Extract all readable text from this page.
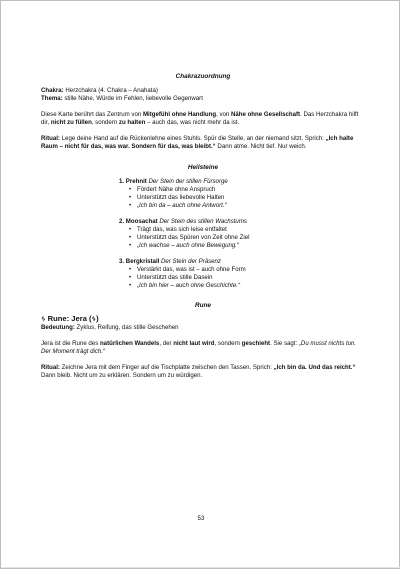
Chakrazuordnung
Chakra: Herzchakra (4. Chakra – Anahata)
Thema: stille Nähe, Würde im Fehlen, liebevolle Gegenwart
Diese Karte berührt das Zentrum von Mitgefühl ohne Handlung, von Nähe ohne Gesellschaft. Das Herzchakra hilft dir, nicht zu füllen, sondern zu halten – auch das, was nicht mehr da ist.
Ritual: Lege deine Hand auf die Rückenlehne eines Stuhls. Spür die Stelle, an der niemand sitzt. Sprich: „Ich halte Raum – nicht für das, was war. Sondern für das, was bleibt.“ Dann atme. Nicht tief. Nur weich.
Heilsteine
1. Prehnit Der Stein der stillen Fürsorge
• Fördert Nähe ohne Anspruch
• Unterstützt das liebevolle Halten
• „Ich bin da – auch ohne Antwort.“
2. Moosachat Der Stein des stillen Wachstums
• Trägt das, was sich leise entfaltet
• Unterstützt das Spüren von Zeit ohne Ziel
• „Ich wachse – auch ohne Bewegung.“
3. Bergkristall Der Stein der Präsenz
• Verstärkt das, was ist – auch ohne Form
• Unterstützt das stille Dasein
• „Ich bin hier – auch ohne Geschichte.“
Rune
ᛃ Rune: Jera (ᛃ)
Bedeutung: Zyklus, Reifung, das stille Geschehen
Jera ist die Rune des natürlichen Wandels, der nicht laut wird, sondern geschieht. Sie sagt: „Du musst nichts tun. Der Moment trägt dich.“
Ritual: Zeichne Jera mit dem Finger auf die Tischplatte zwischen den Tassen. Sprich: „Ich bin da. Und das reicht.“ Dann bleib. Nicht um zu erklären. Sondern um zu würdigen.
53
